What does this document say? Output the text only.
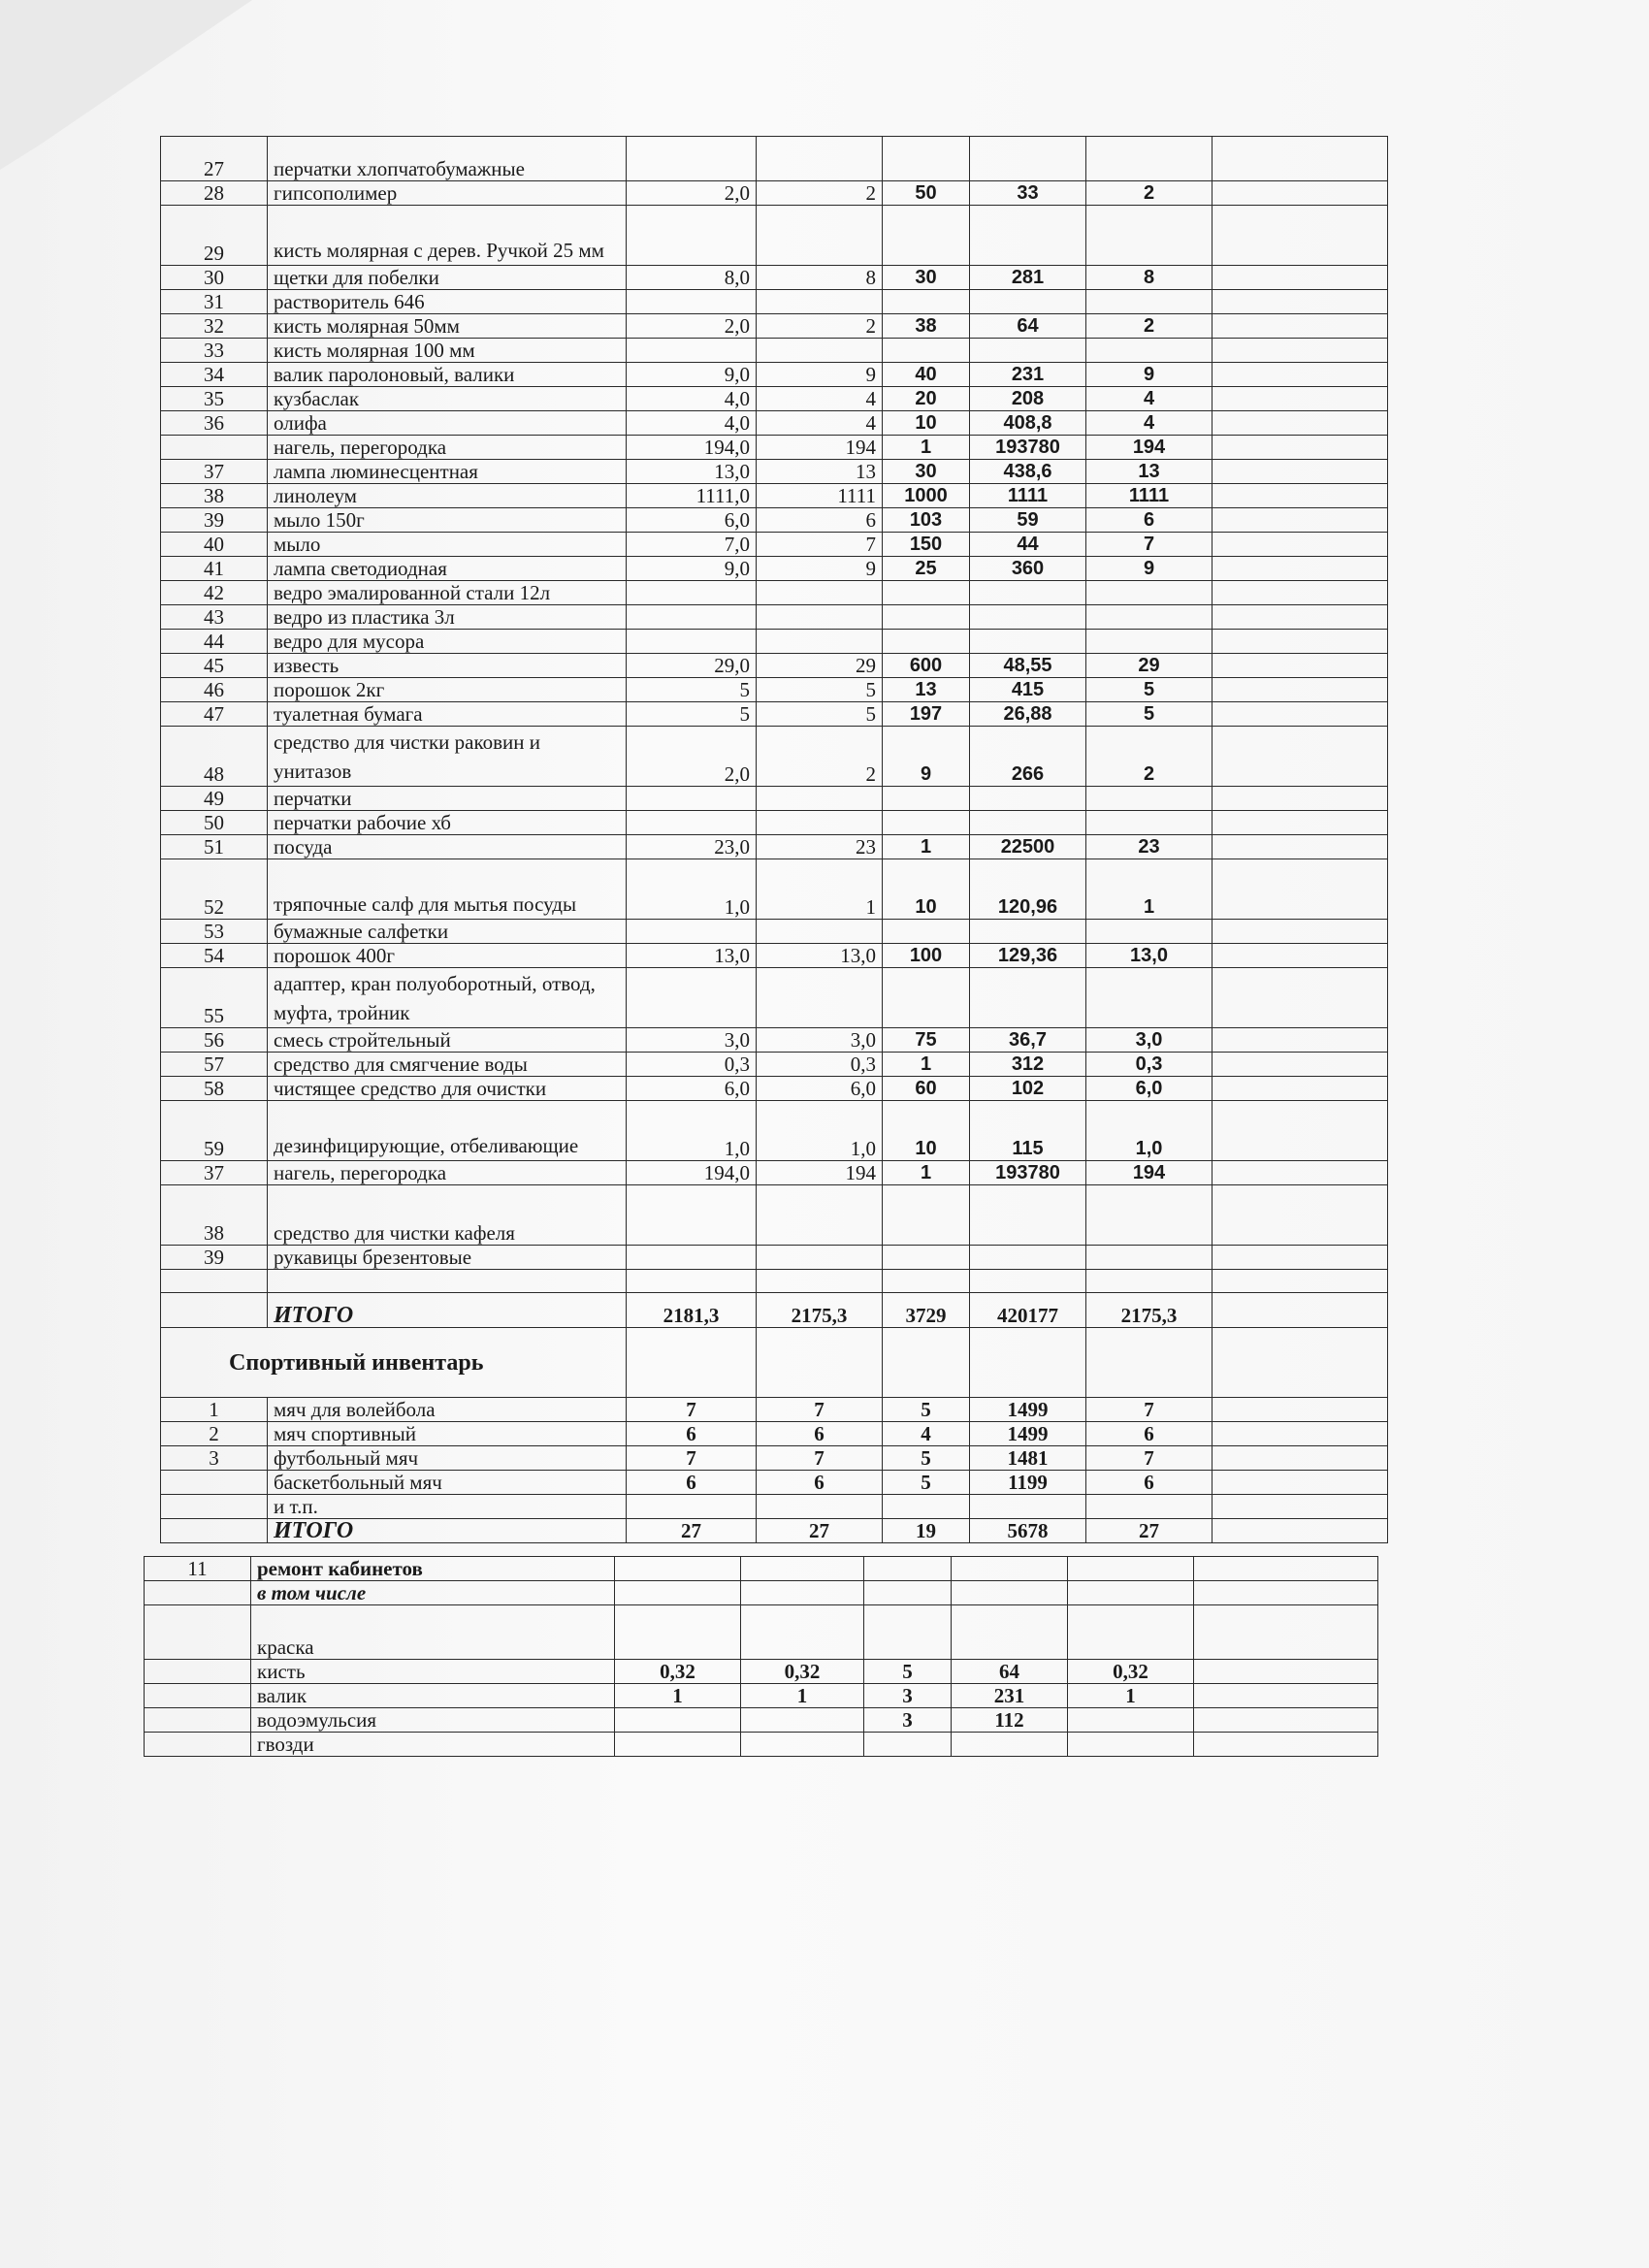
27	перчатки хлопчатобумажные						
28	гипсополимер	2,0	2	50	33	2	
29	кисть молярная с дерев. Ручкой 25 мм						
30	щетки для побелки	8,0	8	30	281	8	
31	растворитель 646						
32	кисть молярная 50мм	2,0	2	38	64	2	
33	кисть молярная 100 мм						
34	валик паролоновый, валики	9,0	9	40	231	9	
35	кузбаслак	4,0	4	20	208	4	
36	олифа	4,0	4	10	408,8	4	
	нагель, перегородка	194,0	194	1	193780	194	
37	лампа люминесцентная	13,0	13	30	438,6	13	
38	линолеум	1111,0	1111	1000	1111	1111	
39	мыло 150г	6,0	6	103	59	6	
40	мыло	7,0	7	150	44	7	
41	лампа светодиодная	9,0	9	25	360	9	
42	ведро эмалированной стали 12л						
43	ведро из пластика 3л						
44	ведро для мусора						
45	известь	29,0	29	600	48,55	29	
46	порошок 2кг	5	5	13	415	5	
47	туалетная бумага	5	5	197	26,88	5	
48	средство для чистки раковин и унитазов	2,0	2	9	266	2	
49	перчатки						
50	перчатки рабочие хб						
51	посуда	23,0	23	1	22500	23	
52	тряпочные салф для мытья посуды	1,0	1	10	120,96	1	
53	бумажные салфетки						
54	порошок 400г	13,0	13,0	100	129,36	13,0	
55	адаптер, кран полуоборотный, отвод, муфта, тройник						
56	смесь стройтельный	3,0	3,0	75	36,7	3,0	
57	средство для смягчение воды	0,3	0,3	1	312	0,3	
58	чистящее средство для очистки	6,0	6,0	60	102	6,0	
59	дезинфицирующие, отбеливающие	1,0	1,0	10	115	1,0	
37	нагель, перегородка	194,0	194	1	193780	194	
38	средство для чистки кафеля						
39	рукавицы брезентовые						

	ИТОГО	2181,3	2175,3	3729	420177	2175,3	
Спортивный инвентарь							
1	мяч для волейбола	7	7	5	1499	7	
2	мяч спортивный	6	6	4	1499	6	
3	футбольный мяч	7	7	5	1481	7	
	баскетбольный мяч	6	6	5	1199	6	
	и т.п.						
	ИТОГО	27	27	19	5678	27	
11	ремонт кабинетов						
	в том числе						
	краска						
	кисть	0,32	0,32	5	64	0,32	
	валик	1	1	3	231	1	
	водоэмульсия			3	112		
	гвозди						
